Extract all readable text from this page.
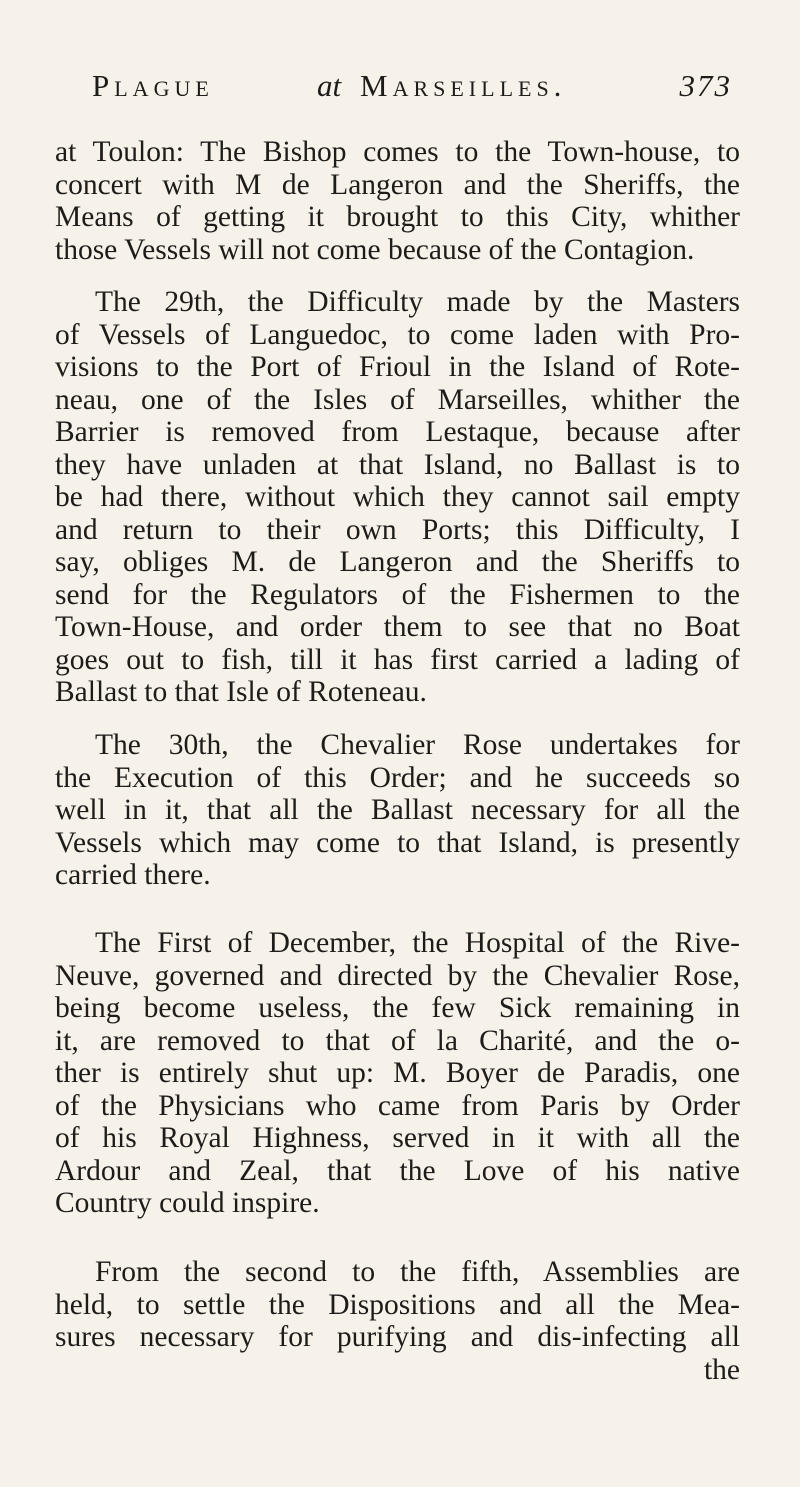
Plague	at Marseilles.	373
at Toulon: The Bishop comes to the Town-house, to
concert with M de Langeron and the Sheriffs, the
Means of getting it brought to this City, whither
those Vessels will not come because of the Contagion.
The 29th, the Difficulty made by the Masters
of Vessels of Languedoc, to come laden with Pro-
visions to the Port of Frioul in the Island of Rote-
neau, one of the Isles of Marseilles, whither the
Barrier is removed from Lestaque, because after
they have unladen at that Island, no Ballast is to
be had there, without which they cannot sail empty
and return to their own Ports; this Difficulty, I
say, obliges M. de Langeron and the Sheriffs to
send for the Regulators of the Fishermen to the
Town-House, and order them to see that no Boat
goes out to fish, till it has first carried a lading of
Ballast to that Isle of Roteneau.
The 30th, the Chevalier Rose undertakes for
the Execution of this Order; and he succeeds so
well in it, that all the Ballast necessary for all the
Vessels which may come to that Island, is presently
carried there.
The First of December, the Hospital of the Rive-
Neuve, governed and directed by the Chevalier Rose,
being become useless, the few Sick remaining in
it, are removed to that of la Charité, and the o-
ther is entirely shut up: M. Boyer de Paradis, one
of the Physicians who came from Paris by Order
of his Royal Highness, served in it with all the
Ardour and Zeal, that the Love of his native
Country could inspire.
From the second to the fifth, Assemblies are
held, to settle the Dispositions and all the Mea-
sures necessary for purifying and dis-infecting all
the
